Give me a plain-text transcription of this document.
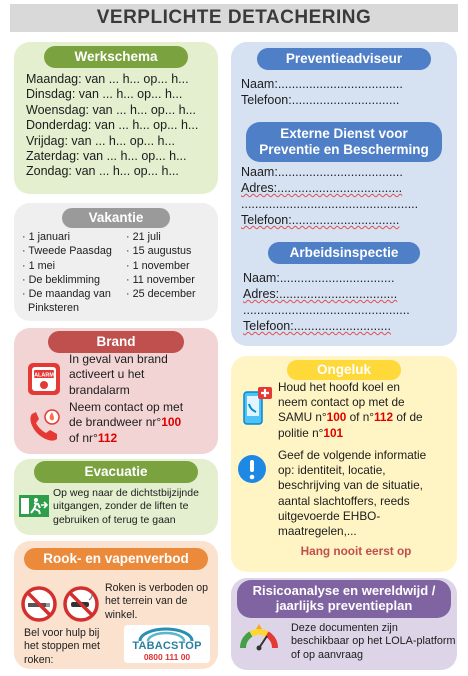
VERPLICHTE DETACHERING
Werkschema
Maandag: van ... h... op... h...
Dinsdag: van ... h... op... h...
Woensdag: van ... h... op... h...
Donderdag: van ... h... op... h...
Vrijdag: van ... h... op... h...
Zaterdag: van ... h... op... h...
Zondag: van ... h... op... h...
Vakantie
· 1 januari
· Tweede Paasdag
· 1 mei
· De beklimming
· De maandag van
Pinksteren
· 21 juli
· 15 augustus
· 1 november
· 11 november
· 25 december
Brand
ALARM
In geval van brand
activeert u het
brandalarm
Neem contact op met
de brandweer nr°100
of nr°112
Evacuatie
Op weg naar de dichtstbijzijnde
uitgangen, zonder de liften te
gebruiken of terug te gaan
Rook- en vapenverbod
Roken is verboden op
het terrein van de
winkel.
Bel voor hulp bij
het stoppen met
roken:
TABACSTOP
0800 111 00
Preventieadviseur
Naam:....................................
Telefoon:...............................
Externe Dienst voor
Preventie en Bescherming
Naam:....................................
Adres:....................................
...................................................
Telefoon:...............................
Arbeidsinspectie
Naam:.................................
Adres:..................................
................................................
Telefoon:............................
Ongeluk
Houd het hoofd koel en
neem contact op met de
SAMU n°100 of n°112 of de
politie n°101
Geef de volgende informatie
op: identiteit, locatie,
beschrijving van de situatie,
aantal slachtoffers, reeds
uitgevoerde EHBO-
maatregelen,...
Hang nooit eerst op
Risicoanalyse en wereldwijd /
jaarlijks preventieplan
Deze documenten zijn
beschikbaar op het LOLA-platform
of op aanvraag
